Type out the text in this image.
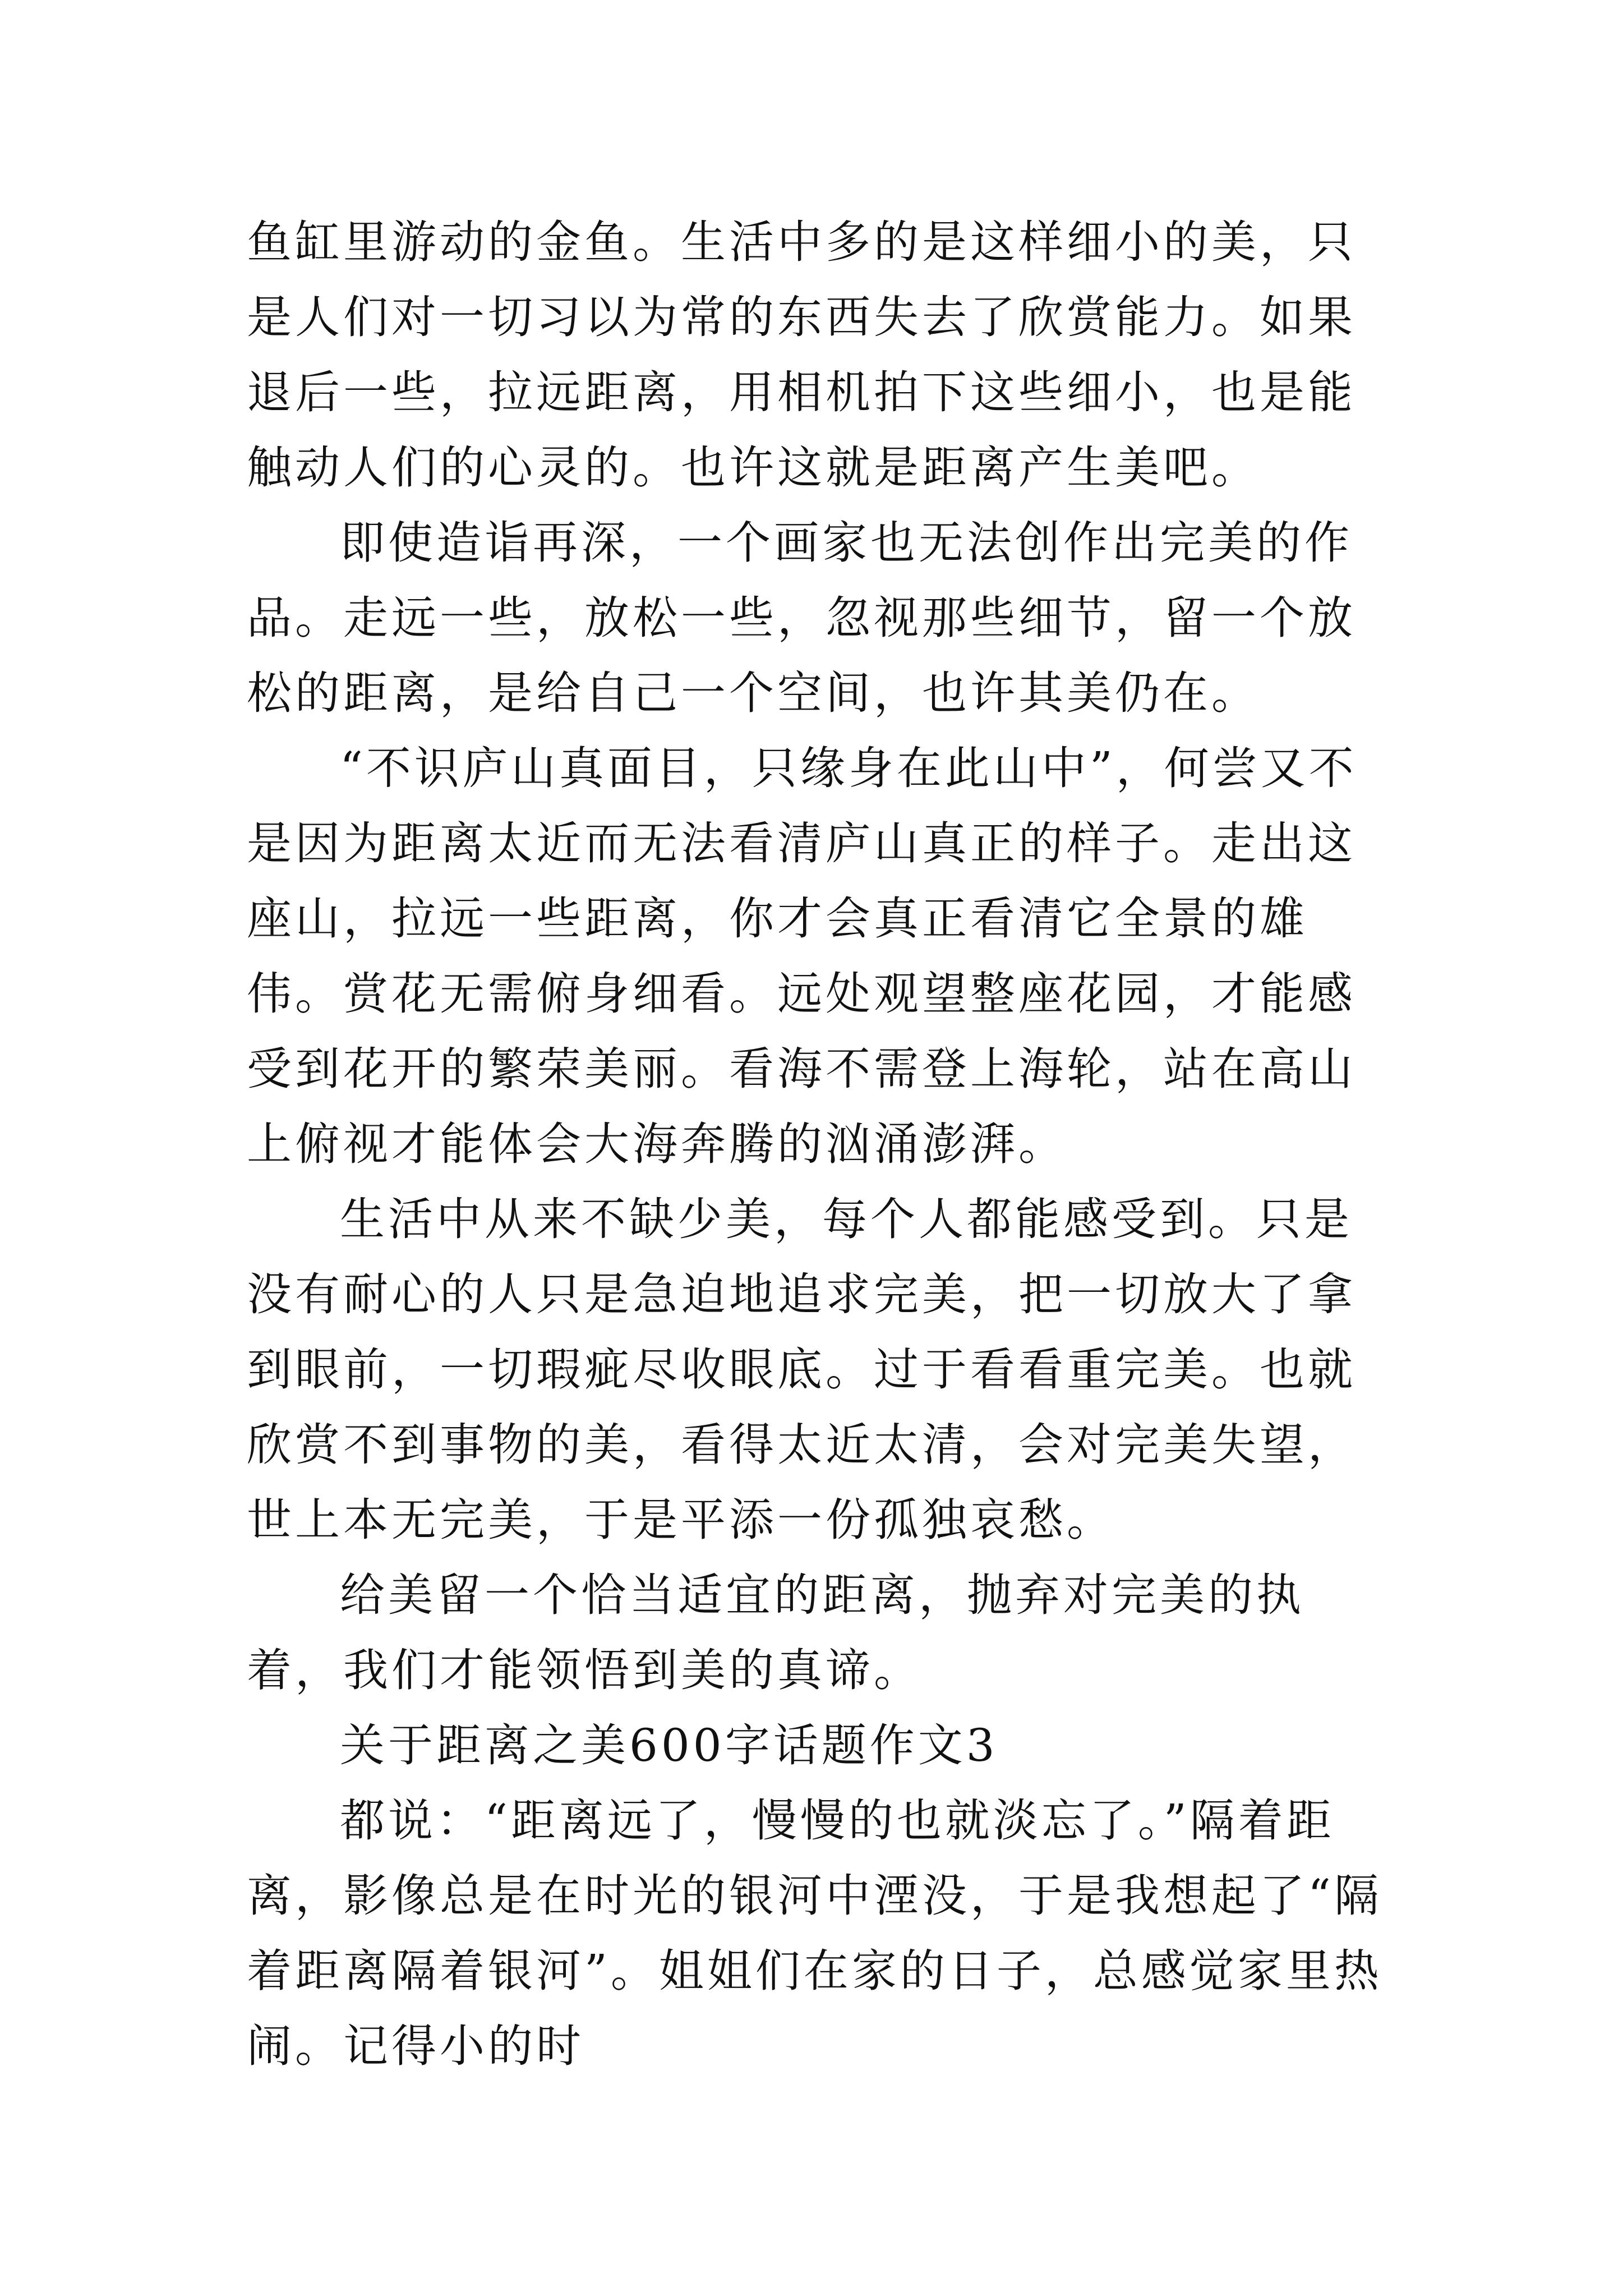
鱼缸里游动的金鱼。生活中多的是这样细小的美，只是人们对一切习以为常的东西失去了欣赏能力。如果退后一些，拉远距离，用相机拍下这些细小，也是能触动人们的心灵的。也许这就是距离产生美吧。

即使造诣再深，一个画家也无法创作出完美的作品。走远一些，放松一些，忽视那些细节，留一个放松的距离，是给自己一个空间，也许其美仍在。

“不识庐山真面目，只缘身在此山中”，何尝又不是因为距离太近而无法看清庐山真正的样子。走出这座山，拉远一些距离，你才会真正看清它全景的雄伟。赏花无需俯身细看。远处观望整座花园，才能感受到花开的繁荣美丽。看海不需登上海轮，站在高山上俯视才能体会大海奔腾的汹涌澎湃。

生活中从来不缺少美，每个人都能感受到。只是没有耐心的人只是急迫地追求完美，把一切放大了拿到眼前，一切瑕疵尽收眼底。过于看看重完美。也就欣赏不到事物的美，看得太近太清，会对完美失望，世上本无完美，于是平添一份孤独哀愁。

给美留一个恰当适宜的距离，抛弃对完美的执着，我们才能领悟到美的真谛。

关于距离之美600字话题作文3

都说：“距离远了，慢慢的也就淡忘了。”隔着距离，影像总是在时光的银河中湮没，于是我想起了“隔着距离隔着银河”。姐姐们在家的日子，总感觉家里热闹。记得小的时
